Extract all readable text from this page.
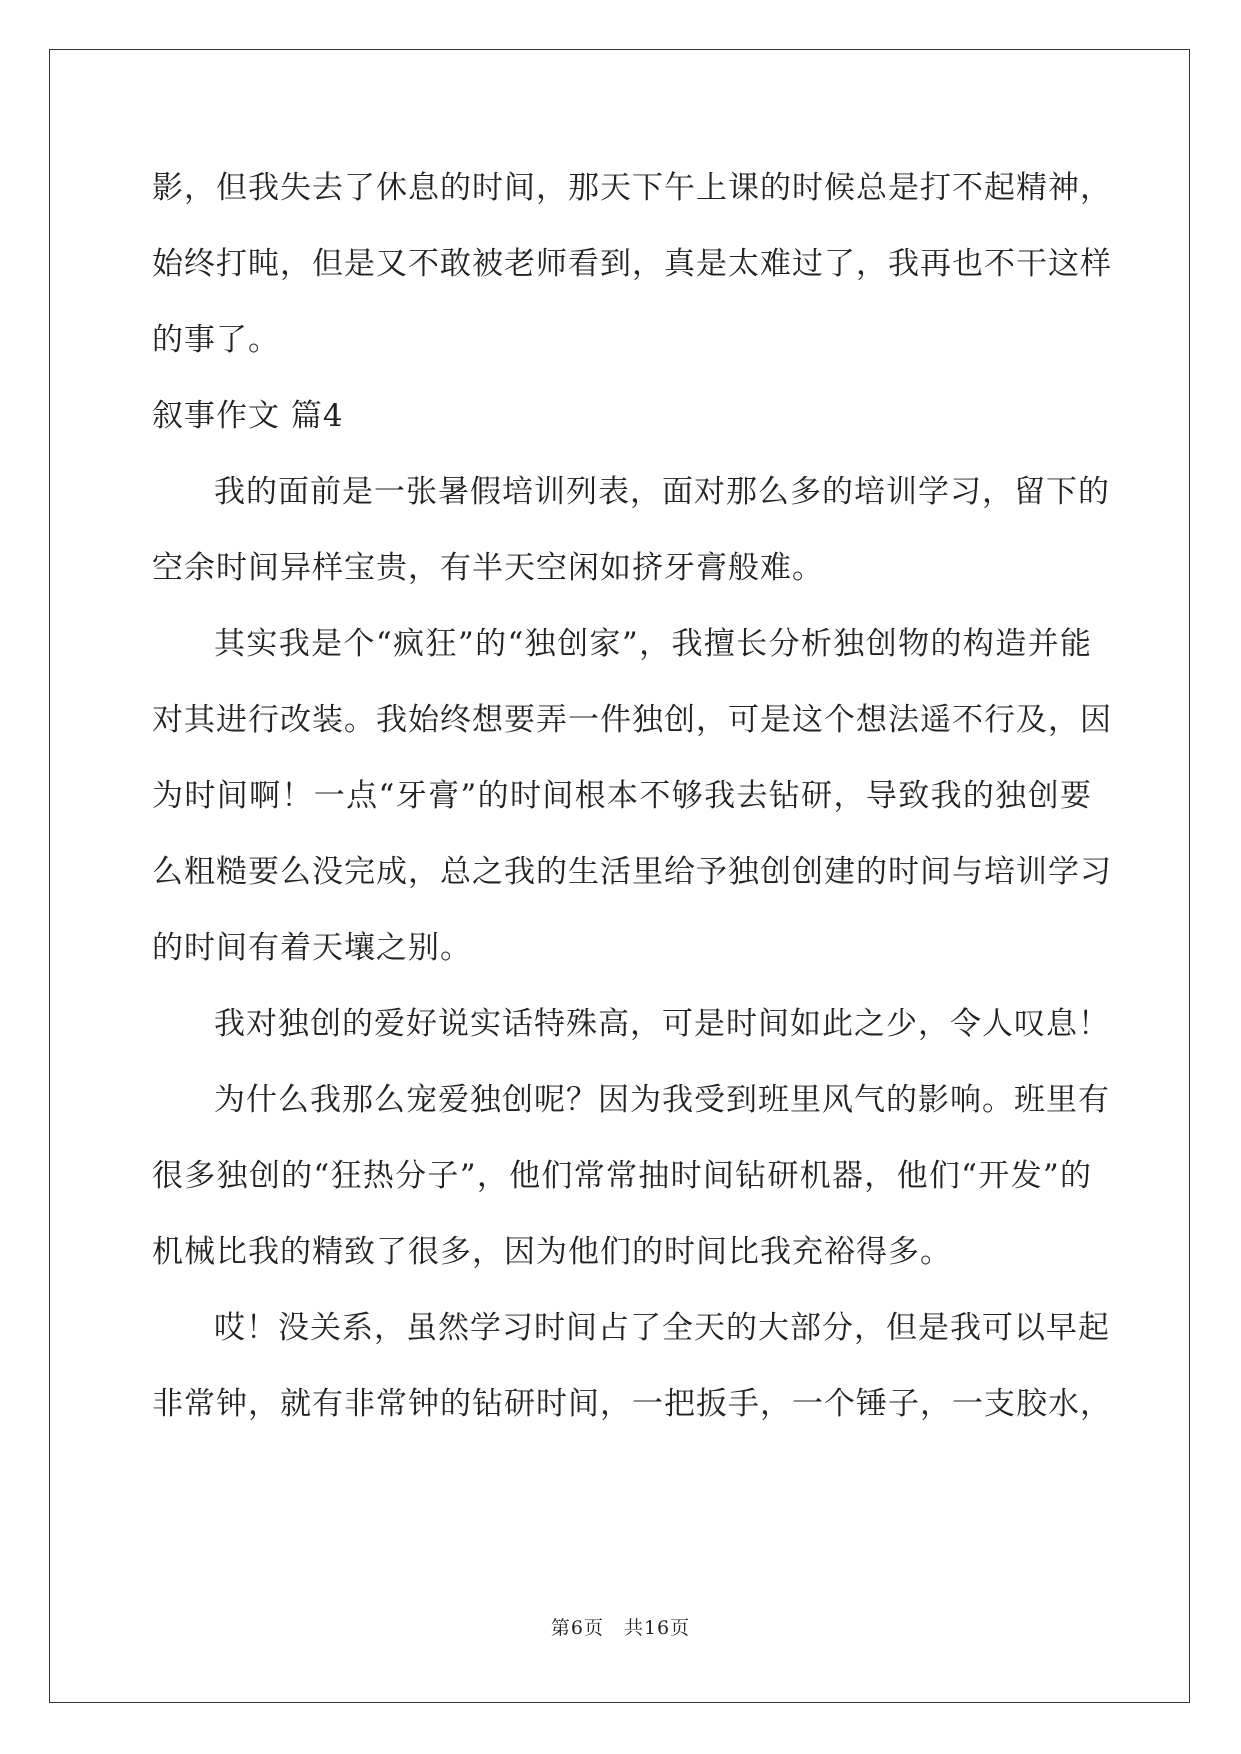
影，但我失去了休息的时间，那天下午上课的时候总是打不起精神，
始终打盹，但是又不敢被老师看到，真是太难过了，我再也不干这样
的事了。
叙事作文 篇4
我的面前是一张暑假培训列表，面对那么多的培训学习，留下的
空余时间异样宝贵，有半天空闲如挤牙膏般难。
其实我是个“疯狂”的“独创家”，我擅长分析独创物的构造并能
对其进行改装。我始终想要弄一件独创，可是这个想法遥不行及，因
为时间啊！一点“牙膏”的时间根本不够我去钻研，导致我的独创要
么粗糙要么没完成，总之我的生活里给予独创创建的时间与培训学习
的时间有着天壤之别。
我对独创的爱好说实话特殊高，可是时间如此之少，令人叹息！
为什么我那么宠爱独创呢？因为我受到班里风气的影响。班里有
很多独创的“狂热分子”，他们常常抽时间钻研机器，他们“开发”的
机械比我的精致了很多，因为他们的时间比我充裕得多。
哎！没关系，虽然学习时间占了全天的大部分，但是我可以早起
非常钟，就有非常钟的钻研时间，一把扳手，一个锤子，一支胶水，
第6页 共16页
